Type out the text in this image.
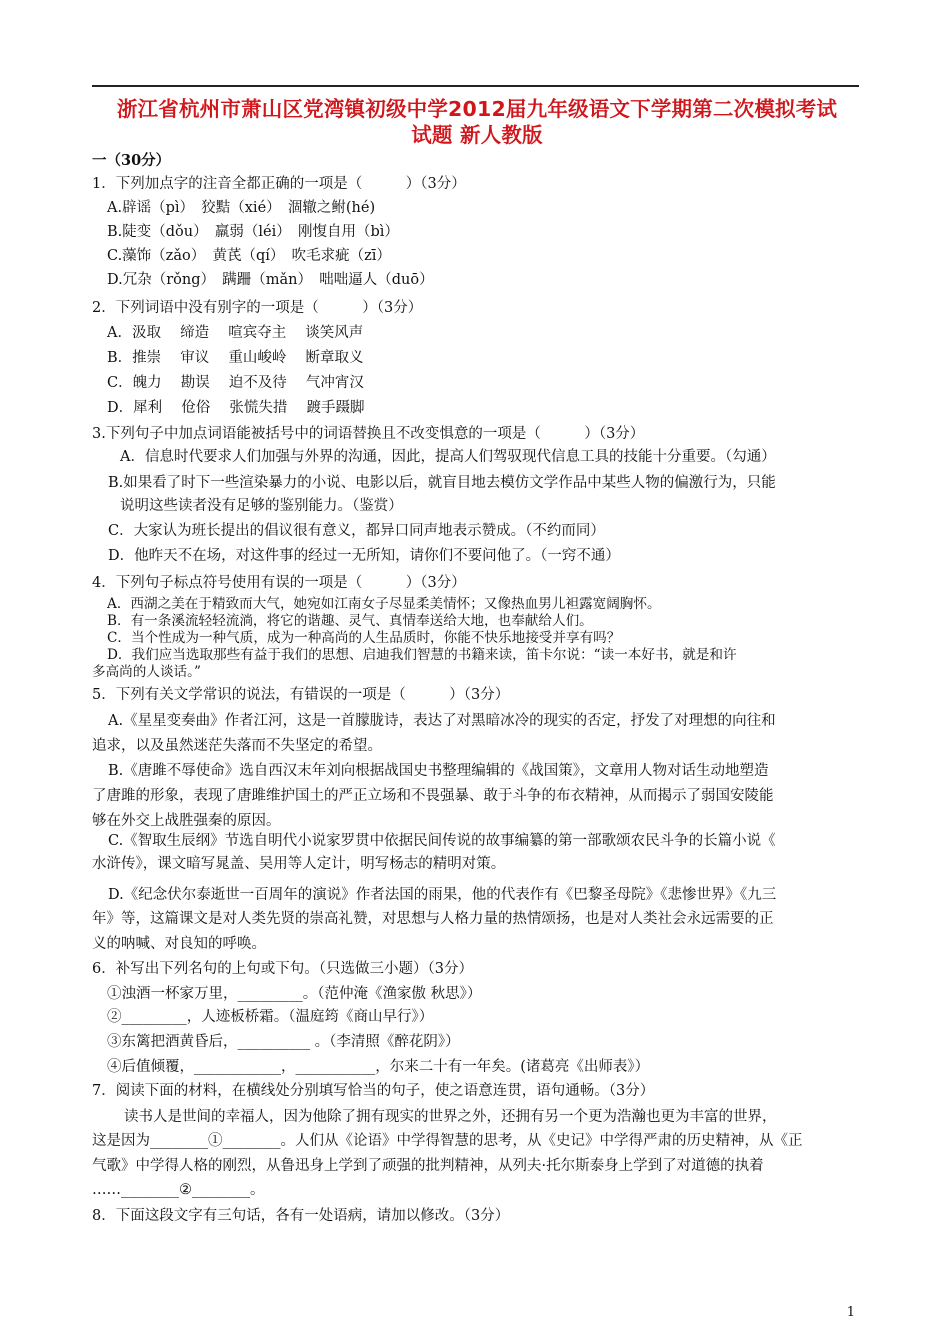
浙江省杭州市萧山区党湾镇初级中学2012届九年级语文下学期第二次模拟考试
试题 新人教版
一（30分）
1．下列加点字的注音全都正确的一项是（　　　）（3分）
A.辟谣（pì）　狡黠（xié）　涸辙之鲋(hé)
B.陡变（dǒu）　羸弱（léi）　刚愎自用（bì）
C.藻饰（zǎo）　黄芪（qí）　吹毛求疵（zī）
D.冗杂（rǒng）　蹒跚（mǎn）　咄咄逼人（duō）
2．下列词语中没有别字的一项是（　　　）（3分）
A．汲取　 缔造　 喧宾夺主　 谈笑风声
B．推崇　 审议　 重山峻岭　 断章取义
C．魄力　 勘误　 迫不及待　 气冲宵汉
D．犀利　 伧俗　 张慌失措　 踱手蹑脚
3.下列句子中加点词语能被括号中的词语替换且不改变惧意的一项是（　　　）（3分）
A．信息时代要求人们加强与外界的沟通，因此，提高人们驾驭现代信息工具的技能十分重要。（勾通）
B.如果看了时下一些渲染暴力的小说、电影以后，就盲目地去模仿文学作品中某些人物的偏激行为，只能
说明这些读者没有足够的鉴别能力。（鉴赏）
C．大家认为班长提出的倡议很有意义，都异口同声地表示赞成。（不约而同）
D．他昨天不在场，对这件事的经过一无所知，请你们不要问他了。（一窍不通）
4．下列句子标点符号使用有误的一项是（　　　）（3分）
A．西湖之美在于精致而大气，她宛如江南女子尽显柔美情怀；又像热血男儿袒露宽阔胸怀。
B．有一条溪流轻轻流淌，将它的谐趣、灵气、真情奉送给大地，也奉献给人们。
C．当个性成为一种气质，成为一种高尚的人生品质时，你能不快乐地接受并享有吗？
D．我们应当选取那些有益于我们的思想、启迪我们智慧的书籍来读，笛卡尔说：“读一本好书，就是和许
多高尚的人谈话。”
5．下列有关文学常识的说法，有错误的一项是（　　　）（3分）
A.《星星变奏曲》作者江河，这是一首朦胧诗，表达了对黑暗冰冷的现实的否定，抒发了对理想的向往和
追求，以及虽然迷茫失落而不失坚定的希望。
B.《唐雎不辱使命》选自西汉末年刘向根据战国史书整理编辑的《战国策》，文章用人物对话生动地塑造
了唐雎的形象，表现了唐雎维护国土的严正立场和不畏强暴、敢于斗争的布衣精神，从而揭示了弱国安陵能
够在外交上战胜强秦的原因。
C.《智取生辰纲》节选自明代小说家罗贯中依据民间传说的故事编纂的第一部歌颂农民斗争的长篇小说《
水浒传》，课文暗写晁盖、吴用等人定计，明写杨志的精明对策。
D.《纪念伏尔泰逝世一百周年的演说》作者法国的雨果，他的代表作有《巴黎圣母院》《悲惨世界》《九三
年》等，这篇课文是对人类先贤的崇高礼赞，对思想与人格力量的热情颂扬，也是对人类社会永远需要的正
义的呐喊、对良知的呼唤。
6．补写出下列名句的上句或下句。（只选做三小题）（3分）
①浊酒一杯家万里，_________。（范仲淹《渔家傲 秋思》）
②_________，人迹板桥霜。（温庭筠《商山早行》）
③东篱把酒黄昏后，__________ 。（李清照《醉花阴》）
④后值倾覆，____________，___________，尔来二十有一年矣。(诸葛亮《出师表》）
7．阅读下面的材料，在横线处分别填写恰当的句子，使之语意连贯，语句通畅。（3分）
读书人是世间的幸福人，因为他除了拥有现实的世界之外，还拥有另一个更为浩瀚也更为丰富的世界，
这是因为________①________。人们从《论语》中学得智慧的思考，从《史记》中学得严肃的历史精神，从《正
气歌》中学得人格的刚烈，从鲁迅身上学到了顽强的批判精神，从列夫·托尔斯泰身上学到了对道德的执着
……________②________。
8．下面这段文字有三句话，各有一处语病，请加以修改。（3分）
1
